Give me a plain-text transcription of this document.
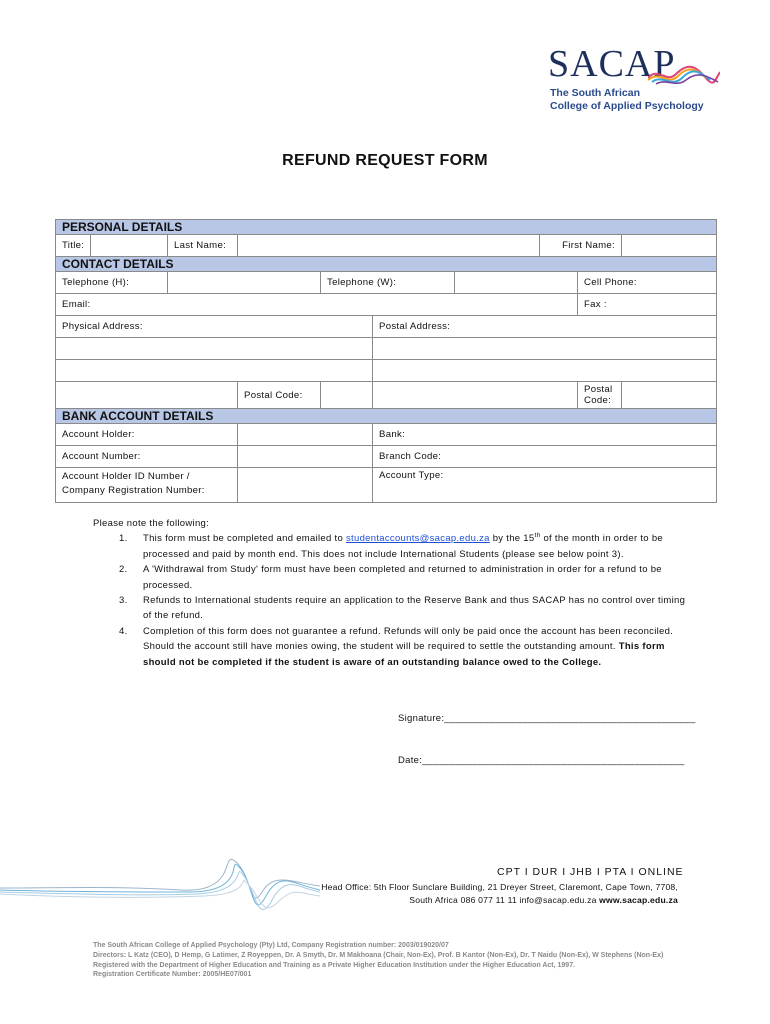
SACAP
The South African
College of Applied Psychology
REFUND REQUEST FORM
PERSONAL DETAILS									
Title:		Last Name:					First Name:		
CONTACT DETAILS									
Telephone (H):				Telephone (W):				Cell Phone:	
Email:								Fax :	
Physical Address:					Postal Address:				

			Postal Code:					Postal Code:	
BANK ACCOUNT DETAILS									
Account Holder:					Bank:				
Account Number:					Branch Code:				

Account Holder ID Number /
Company Registration Number:					Account Type:				
Please note the following:
1. This form must be completed and emailed to studentaccounts@sacap.edu.za by the 15th of the month in order to be processed and paid by month end. This does not include International Students (please see below point 3).
2. A 'Withdrawal from Study' form must have been completed and returned to administration in order for a refund to be processed.
3. Refunds to International students require an application to the Reserve Bank and thus SACAP has no control over timing of the refund.
4. Completion of this form does not guarantee a refund. Refunds will only be paid once the account has been reconciled. Should the account still have monies owing, the student will be required to settle the outstanding amount. This form should not be completed if the student is aware of an outstanding balance owed to the College.
Signature:_____________________________________________
Date:_______________________________________________
CPT I DUR I JHB I PTA I ONLINE
Head Office: 5th Floor Sunclare Building, 21 Dreyer Street, Claremont, Cape Town, 7708,
South Africa 086 077 11 11 info@sacap.edu.za www.sacap.edu.za
The South African College of Applied Psychology (Pty) Ltd, Company Registration number: 2003/019020/07
Directors: L Katz (CEO), D Hemp, G Latimer, Z Royeppen, Dr. A Smyth, Dr. M Makhoana (Chair, Non-Ex), Prof. B Kantor (Non-Ex), Dr. T Naidu (Non-Ex), W Stephens (Non-Ex)
Registered with the Department of Higher Education and Training as a Private Higher Education Institution under the Higher Education Act, 1997.
Registration Certificate Number: 2005/HE07/001
